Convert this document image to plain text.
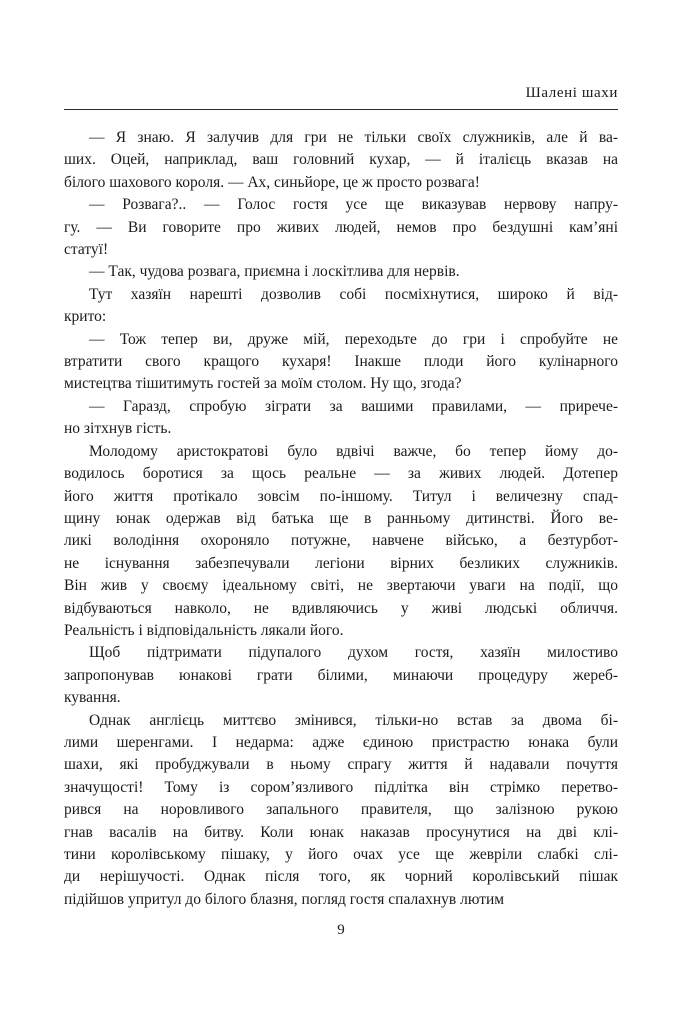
Шалені шахи
— Я знаю. Я залучив для гри не тільки своїх служників, але й ва-
ших. Оцей, наприклад, ваш головний кухар, — й італієць вказав на
білого шахового короля. — Ах, синьйоре, це ж просто розвага!
— Розвага?.. — Голос гостя усе ще виказував нервову напру-
гу. — Ви говорите про живих людей, немов про бездушні кам’яні
статуї!
— Так, чудова розвага, приємна і лоскітлива для нервів.
Тут хазяїн нарешті дозволив собі посміхнутися, широко й від-
крито:
— Тож тепер ви, друже мій, переходьте до гри і спробуйте не
втратити свого кращого кухаря! Інакше плоди його кулінарного
мистецтва тішитимуть гостей за моїм столом. Ну що, згода?
— Гаразд, спробую зіграти за вашими правилами, — прирече-
но зітхнув гість.
Молодому аристократові було вдвічі важче, бо тепер йому до-
водилось боротися за щось реальне — за живих людей. Дотепер
його життя протікало зовсім по-іншому. Титул і величезну спад-
щину юнак одержав від батька ще в ранньому дитинстві. Його ве-
ликі володіння охороняло потужне, навчене військо, а безтурбот-
не існування забезпечували легіони вірних безликих служників.
Він жив у своєму ідеальному світі, не звертаючи уваги на події, що
відбуваються навколо, не вдивляючись у живі людські обличчя.
Реальність і відповідальність лякали його.
Щоб підтримати підупалого духом гостя, хазяїн милостиво
запропонував юнакові грати білими, минаючи процедуру жереб-
кування.
Однак англієць миттєво змінився, тільки-но встав за двома бі-
лими шеренгами. І недарма: адже єдиною пристрастю юнака були
шахи, які пробуджували в ньому спрагу життя й надавали почуття
значущості! Тому із сором’язливого підлітка він стрімко перетво-
рився на норовливого запального правителя, що залізною рукою
гнав васалів на битву. Коли юнак наказав просунутися на дві клі-
тини королівському пішаку, у його очах усе ще жевріли слабкі слі-
ди нерішучості. Однак після того, як чорний королівський пішак
підійшов упритул до білого блазня, погляд гостя спалахнув лютим
9
